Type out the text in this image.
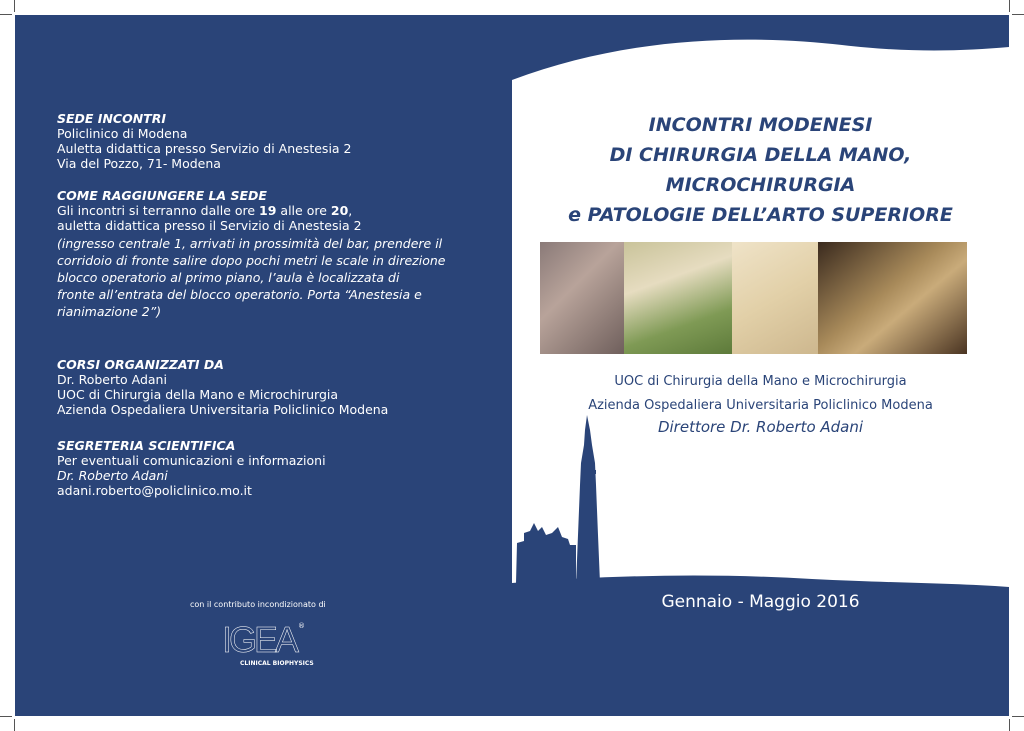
SEDE INCONTRI
Policlinico di Modena
Auletta didattica presso Servizio di Anestesia 2
Via del Pozzo, 71- Modena
COME RAGGIUNGERE LA SEDE
Gli incontri si terranno dalle ore 19 alle ore 20,
auletta didattica presso il Servizio di Anestesia 2
(ingresso centrale 1, arrivati in prossimità del bar, prendere il
corridoio di fronte salire dopo pochi metri le scale in direzione
blocco operatorio al primo piano, l’aula è localizzata di
fronte all’entrata del blocco operatorio. Porta “Anestesia e
rianimazione 2”)
CORSI ORGANIZZATI DA
Dr. Roberto Adani
UOC di Chirurgia della Mano e Microchirurgia
Azienda Ospedaliera Universitaria Policlinico Modena
SEGRETERIA SCIENTIFICA
Per eventuali comunicazioni e informazioni
Dr. Roberto Adani
adani.roberto@policlinico.mo.it
con il contributo incondizionato di
IGEA ®
CLINICAL BIOPHYSICS
INCONTRI MODENESI
DI CHIRURGIA DELLA MANO,
MICROCHIRURGIA
e PATOLOGIE DELL’ARTO SUPERIORE
UOC di Chirurgia della Mano e Microchirurgia
Azienda Ospedaliera Universitaria Policlinico Modena
Direttore Dr. Roberto Adani
Gennaio - Maggio 2016
